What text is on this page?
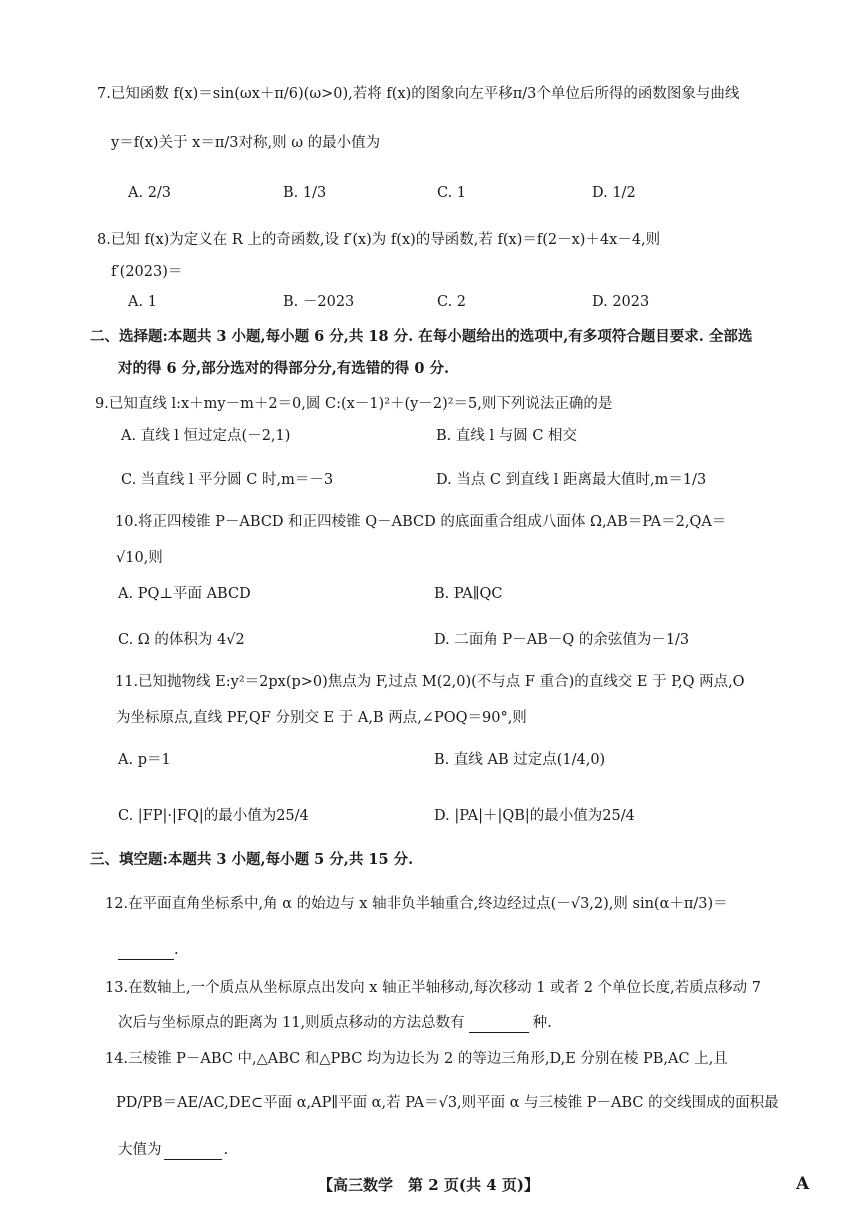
7.已知函数 f(x)＝sin(ωx＋π/6)(ω>0),若将 f(x)的图象向左平移π/3个单位后所得的函数图象与曲线
y＝f(x)关于 x＝π/3对称,则 ω 的最小值为
A. 2/3	B. 1/3	C. 1	D. 1/2
8.已知 f(x)为定义在 R 上的奇函数,设 f′(x)为 f(x)的导函数,若 f(x)＝f(2－x)＋4x－4,则
f′(2023)＝
A. 1	B. －2023	C. 2	D. 2023
二、选择题:本题共 3 小题,每小题 6 分,共 18 分. 在每小题给出的选项中,有多项符合题目要求. 全部选
对的得 6 分,部分选对的得部分分,有选错的得 0 分.
9.已知直线 l:x＋my－m＋2＝0,圆 C:(x－1)²＋(y－2)²＝5,则下列说法正确的是
A. 直线 l 恒过定点(－2,1)	B. 直线 l 与圆 C 相交
C. 当直线 l 平分圆 C 时,m＝－3	D. 当点 C 到直线 l 距离最大值时,m＝1/3
10.将正四棱锥 P－ABCD 和正四棱锥 Q－ABCD 的底面重合组成八面体 Ω,AB＝PA＝2,QA＝
√10,则
A. PQ⊥平面 ABCD	B. PA∥QC
C. Ω 的体积为 4√2	D. 二面角 P－AB－Q 的余弦值为－1/3
11.已知抛物线 E:y²＝2px(p>0)焦点为 F,过点 M(2,0)(不与点 F 重合)的直线交 E 于 P,Q 两点,O
为坐标原点,直线 PF,QF 分别交 E 于 A,B 两点,∠POQ＝90°,则
A. p＝1	B. 直线 AB 过定点(1/4,0)
C. |FP|·|FQ|的最小值为25/4	D. |PA|＋|QB|的最小值为25/4
三、填空题:本题共 3 小题,每小题 5 分,共 15 分.
12.在平面直角坐标系中,角 α 的始边与 x 轴非负半轴重合,终边经过点(－√3,2),则 sin(α＋π/3)＝
.
13.在数轴上,一个质点从坐标原点出发向 x 轴正半轴移动,每次移动 1 或者 2 个单位长度,若质点移动 7
次后与坐标原点的距离为 11,则质点移动的方法总数有	种.
14.三棱锥 P－ABC 中,△ABC 和△PBC 均为边长为 2 的等边三角形,D,E 分别在棱 PB,AC 上,且
PD/PB＝AE/AC,DE⊂平面 α,AP∥平面 α,若 PA＝√3,则平面 α 与三棱锥 P－ABC 的交线围成的面积最
大值为	.
【高三数学　第 2 页(共 4 页)】	A
